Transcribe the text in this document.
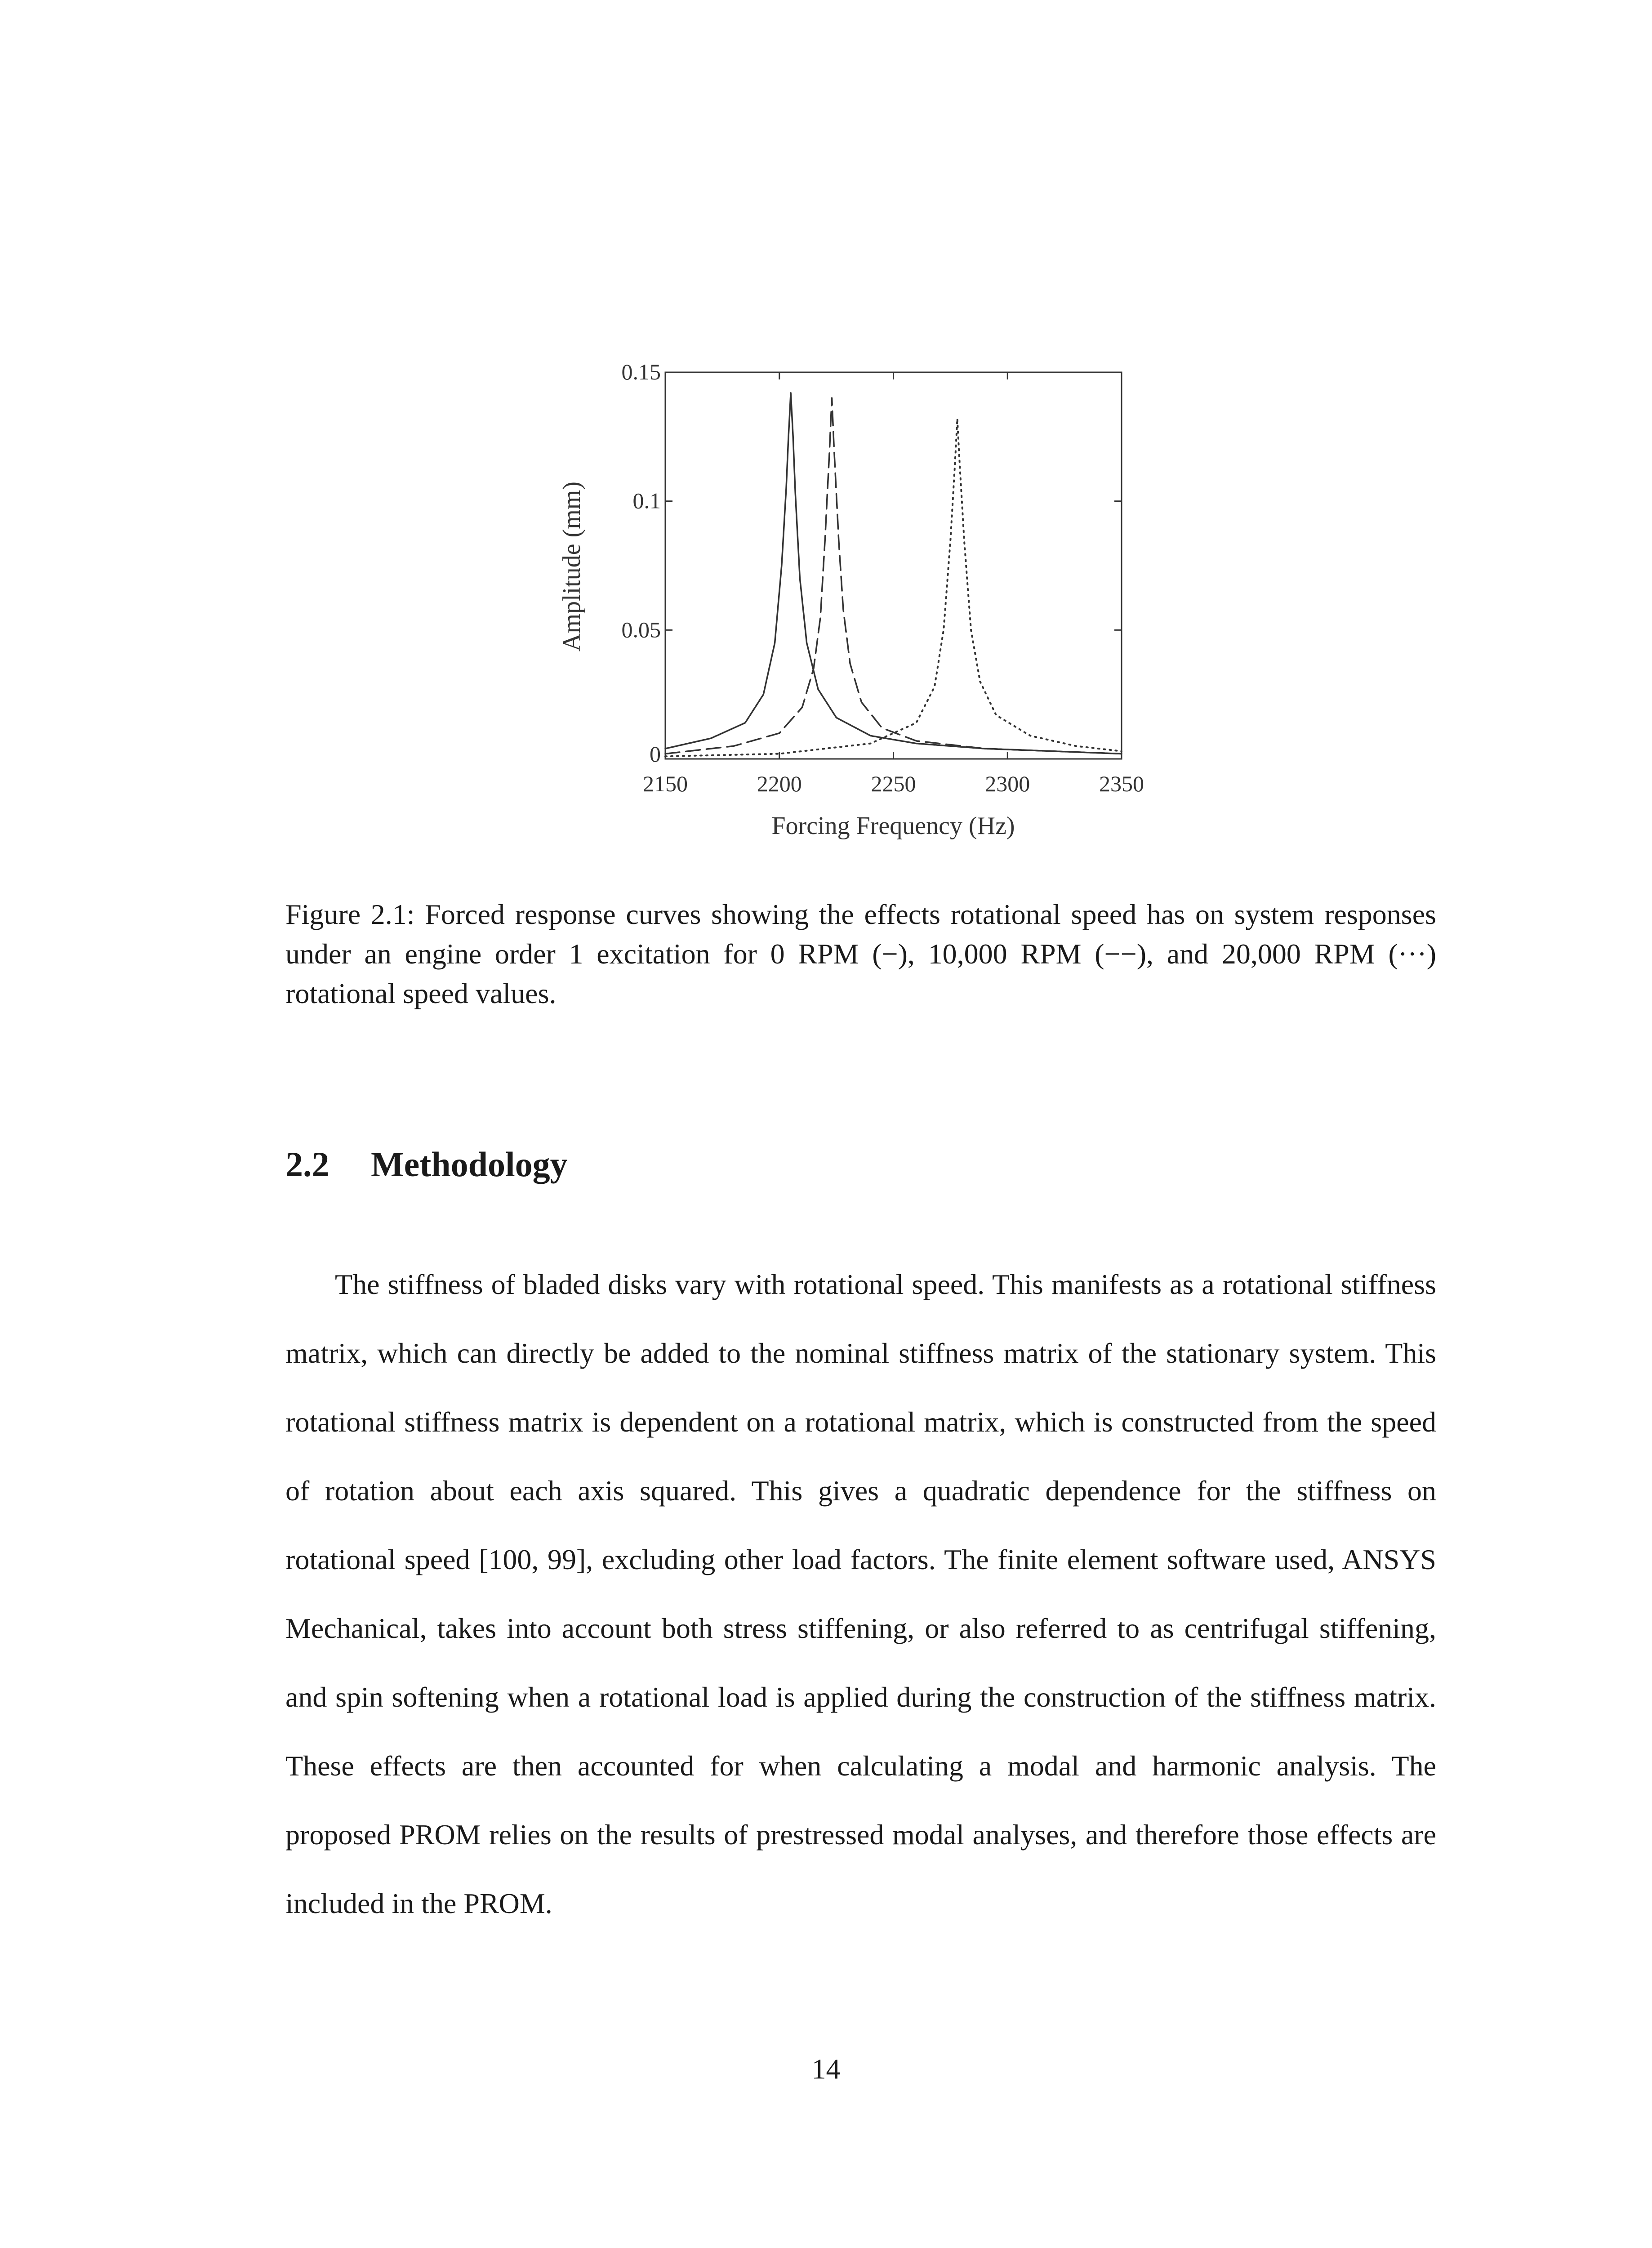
2150	2200	2250	2300	2350
0
0.05
0.1
0.15
Amplitude (mm)
Forcing Frequency (Hz)
Figure 2.1: Forced response curves showing the effects rotational speed has on system responses under an engine order 1 excitation for 0 RPM (−), 10,000 RPM (−−), and 20,000 RPM (···) rotational speed values.
2.2 Methodology

The stiffness of bladed disks vary with rotational speed. This manifests as a rotational stiffness matrix, which can directly be added to the nominal stiffness matrix of the stationary system. This rotational stiffness matrix is dependent on a rotational matrix, which is constructed from the speed of rotation about each axis squared. This gives a quadratic dependence for the stiffness on rotational speed [100, 99], excluding other load factors. The finite element software used, ANSYS Mechanical, takes into account both stress stiffening, or also referred to as centrifugal stiffening, and spin softening when a rotational load is applied during the construction of the stiffness matrix. These effects are then accounted for when calculating a modal and harmonic analysis. The proposed PROM relies on the results of prestressed modal analyses, and therefore those effects are included in the PROM.

14
